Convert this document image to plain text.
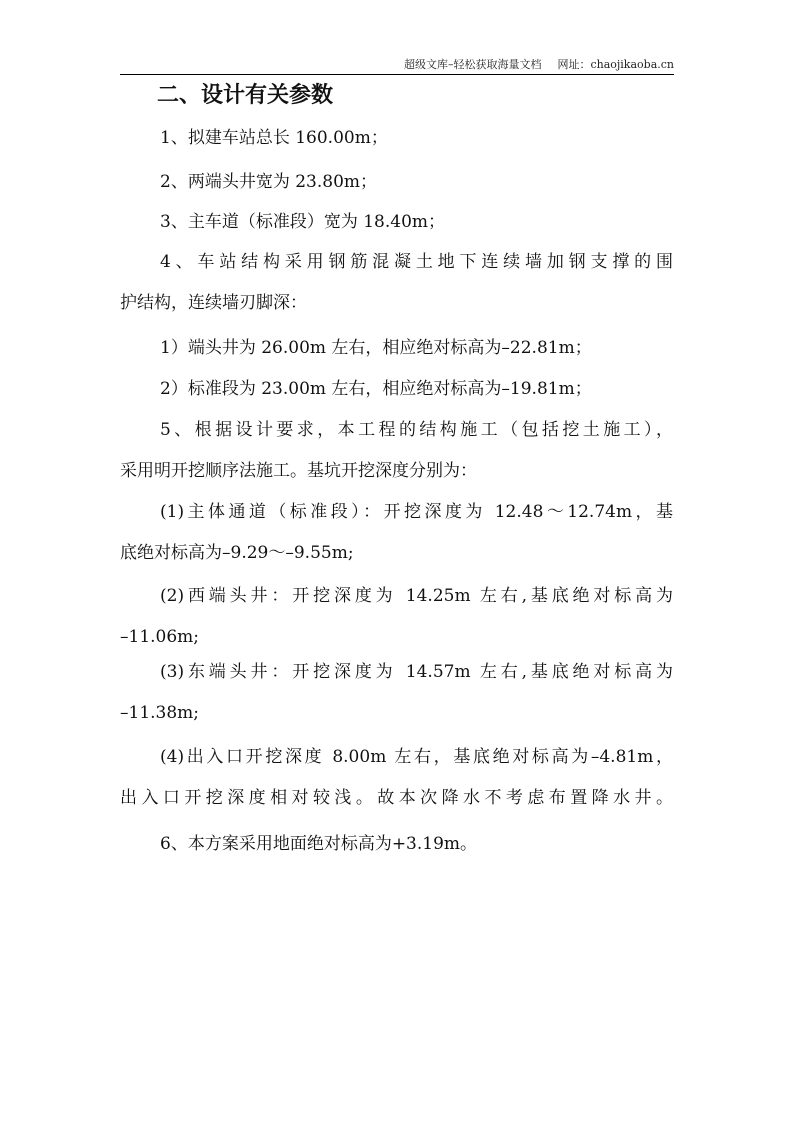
超级文库–轻松获取海量文档 网址：chaojikaoba.cn
二、设计有关参数
1、拟建车站总长 160.00m；
2、两端头井宽为 23.80m；
3、主车道（标准段）宽为 18.40m；
4、车站结构采用钢筋混凝土地下连续墙加钢支撑的围
护结构，连续墙刃脚深：
1）端头井为 26.00m 左右，相应绝对标高为–22.81m；
2）标准段为 23.00m 左右，相应绝对标高为–19.81m；
5、根据设计要求，本工程的结构施工（包括挖土施工），
采用明开挖顺序法施工。基坑开挖深度分别为：
(1)主体通道（标准段）：开挖深度为 12.48～12.74m，基
底绝对标高为–9.29～–9.55m;
(2)西端头井：开挖深度为 14.25m 左右,基底绝对标高为
–11.06m;
(3)东端头井：开挖深度为 14.57m 左右,基底绝对标高为
–11.38m;
(4)出入口开挖深度 8.00m 左右，基底绝对标高为–4.81m，
出入口开挖深度相对较浅。故本次降水不考虑布置降水井。
6、本方案采用地面绝对标高为+3.19m。
